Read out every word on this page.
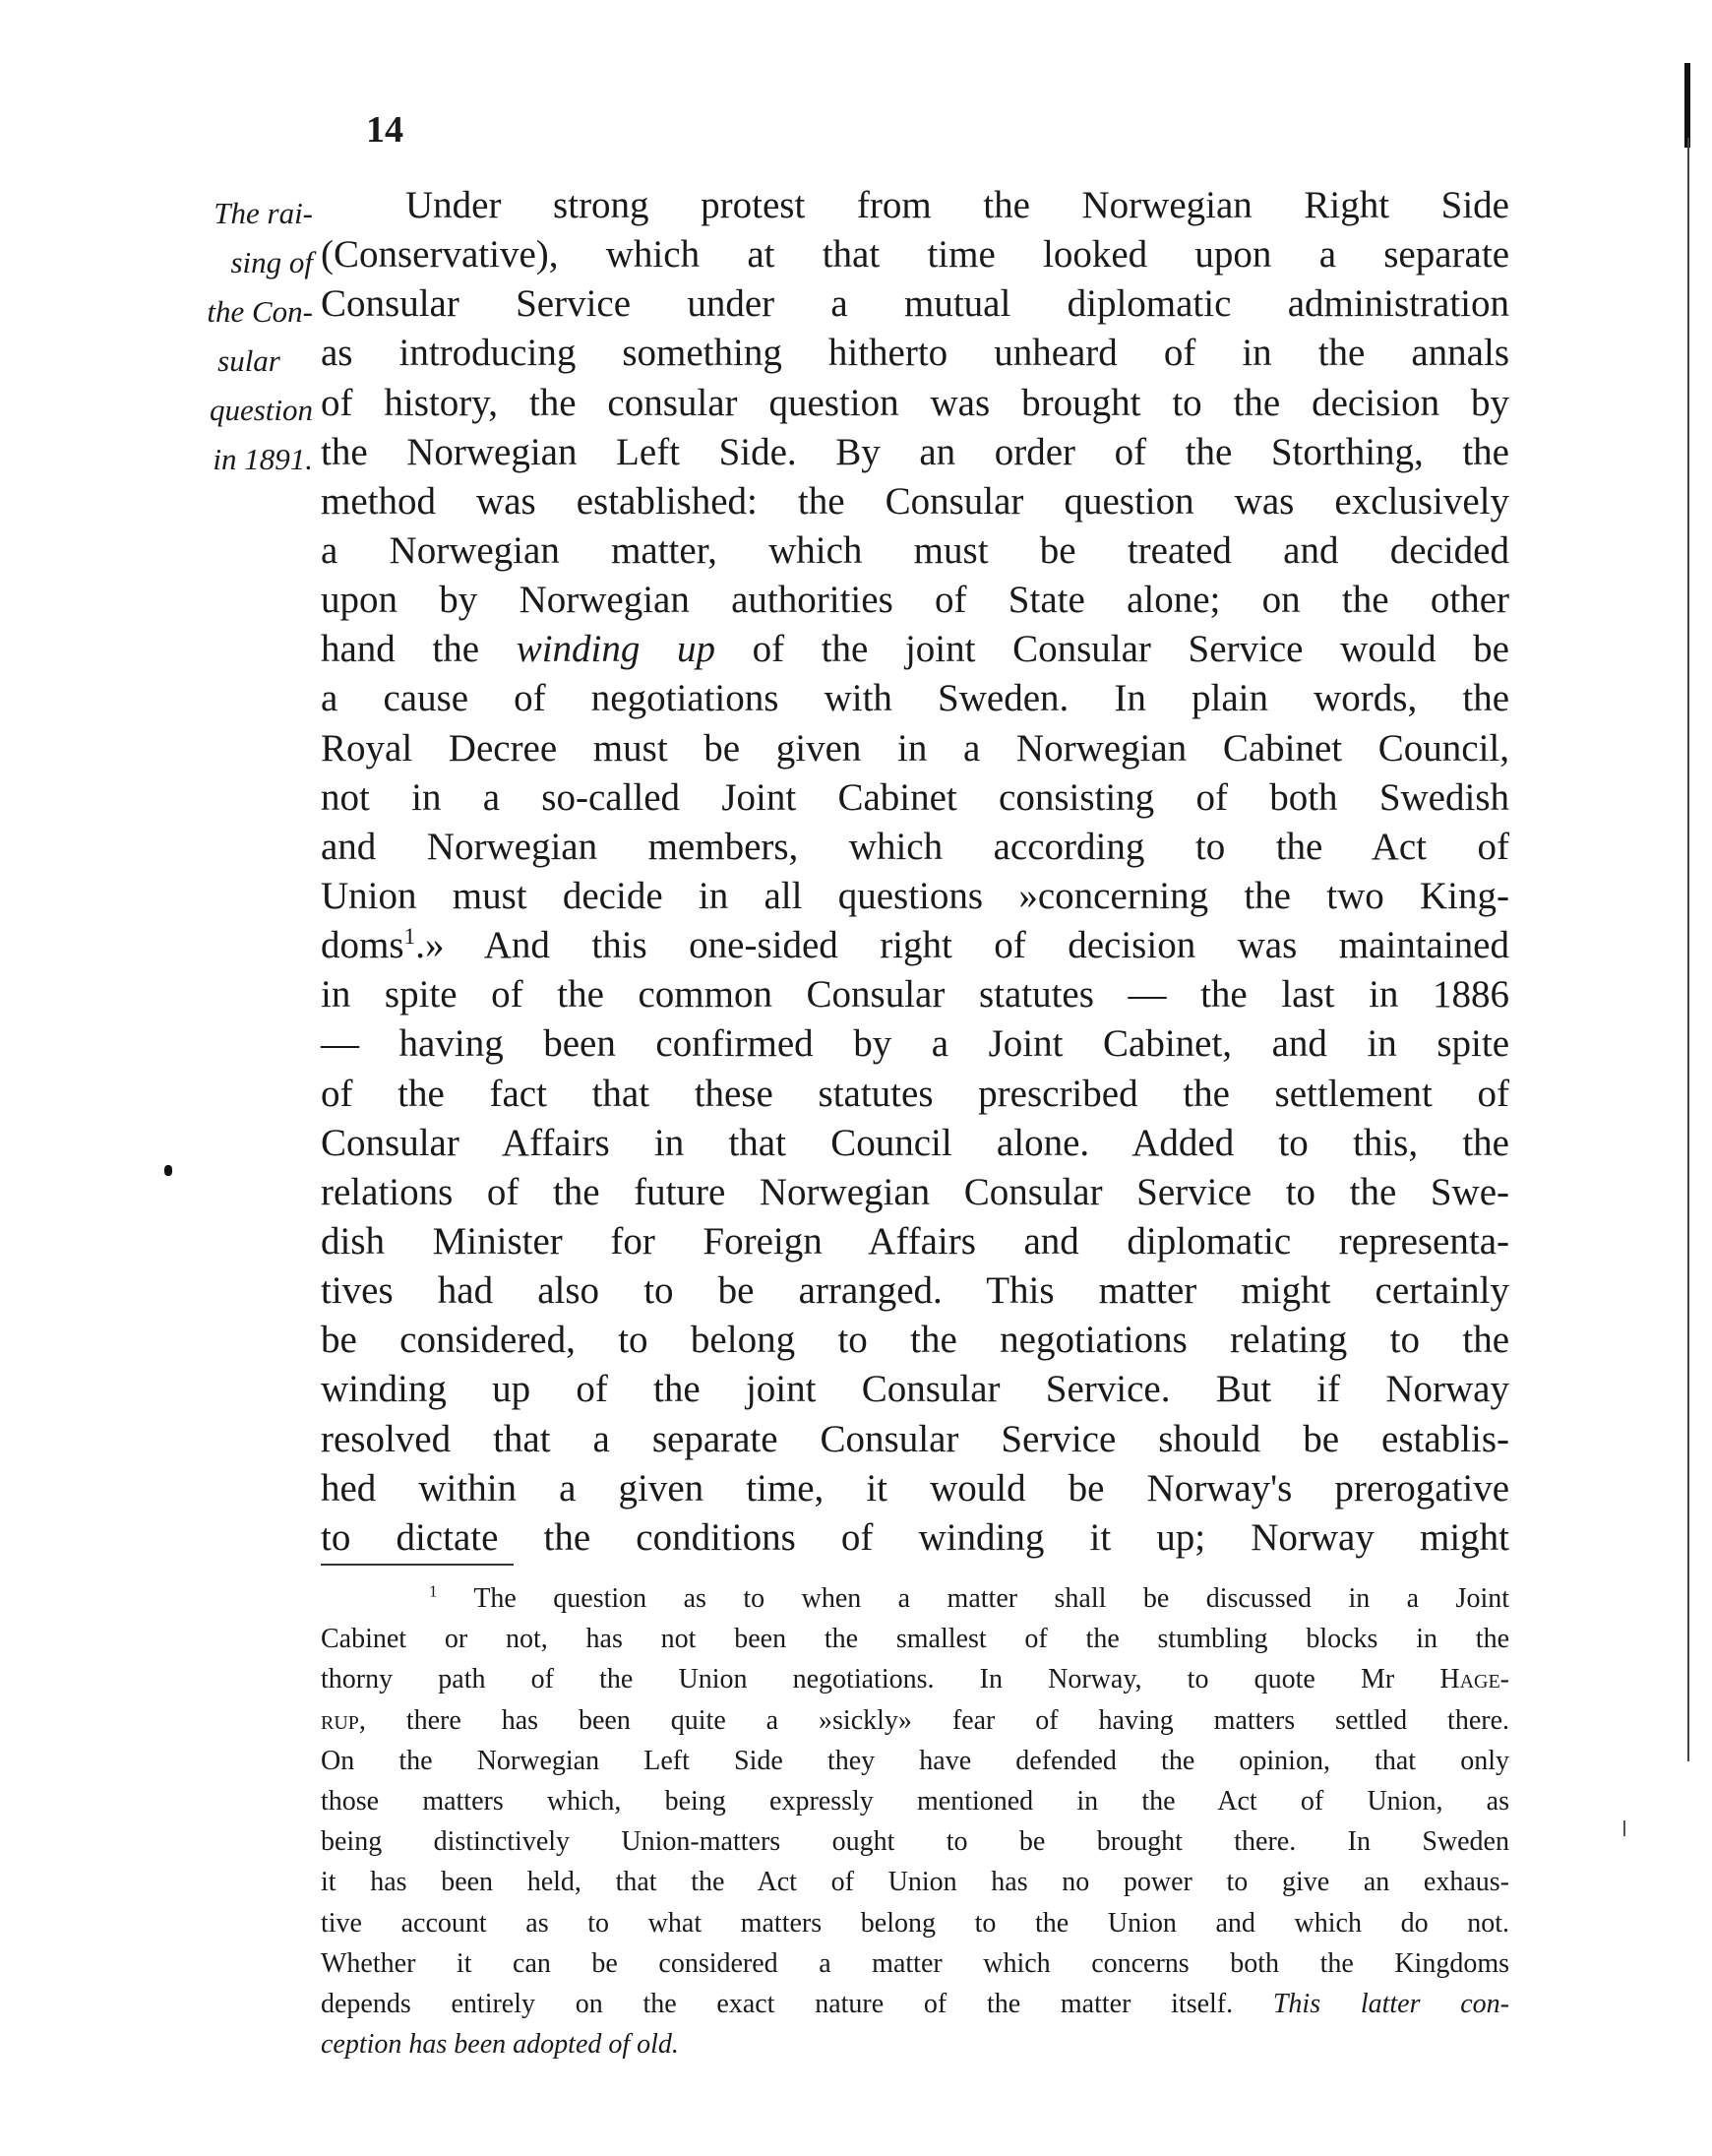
14
The rai-
sing of
the Con-
sular
question
in 1891.
Under strong protest from the Norwegian Right Side
(Conservative), which at that time looked upon a separate
Consular Service under a mutual diplomatic administration
as introducing something hitherto unheard of in the annals
of history, the consular question was brought to the decision by
the Norwegian Left Side. By an order of the Storthing, the
method was established: the Consular question was exclusively
a Norwegian matter, which must be treated and decided
upon by Norwegian authorities of State alone; on the other
hand the winding up of the joint Consular Service would be
a cause of negotiations with Sweden. In plain words, the
Royal Decree must be given in a Norwegian Cabinet Council,
not in a so-called Joint Cabinet consisting of both Swedish
and Norwegian members, which according to the Act of
Union must decide in all questions »concerning the two King-
doms$^1$.» And this one-sided right of decision was maintained
in spite of the common Consular statutes — the last in 1886
— having been confirmed by a Joint Cabinet, and in spite
of the fact that these statutes prescribed the settlement of
Consular Affairs in that Council alone. Added to this, the
relations of the future Norwegian Consular Service to the Swe-
dish Minister for Foreign Affairs and diplomatic representa-
tives had also to be arranged. This matter might certainly
be considered, to belong to the negotiations relating to the
winding up of the joint Consular Service. But if Norway
resolved that a separate Consular Service should be establis-
hed within a given time, it would be Norway's prerogative
to dictate the conditions of winding it up; Norway might
$^1$ The question as to when a matter shall be discussed in a Joint
Cabinet or not, has not been the smallest of the stumbling blocks in the
thorny path of the Union negotiations. In Norway, to quote Mr Hage-
rup, there has been quite a »sickly» fear of having matters settled there.
On the Norwegian Left Side they have defended the opinion, that only
those matters which, being expressly mentioned in the Act of Union, as
being distinctively Union-matters ought to be brought there. In Sweden
it has been held, that the Act of Union has no power to give an exhaus-
tive account as to what matters belong to the Union and which do not.
Whether it can be considered a matter which concerns both the Kingdoms
depends entirely on the exact nature of the matter itself. This latter con-
ception has been adopted of old.
